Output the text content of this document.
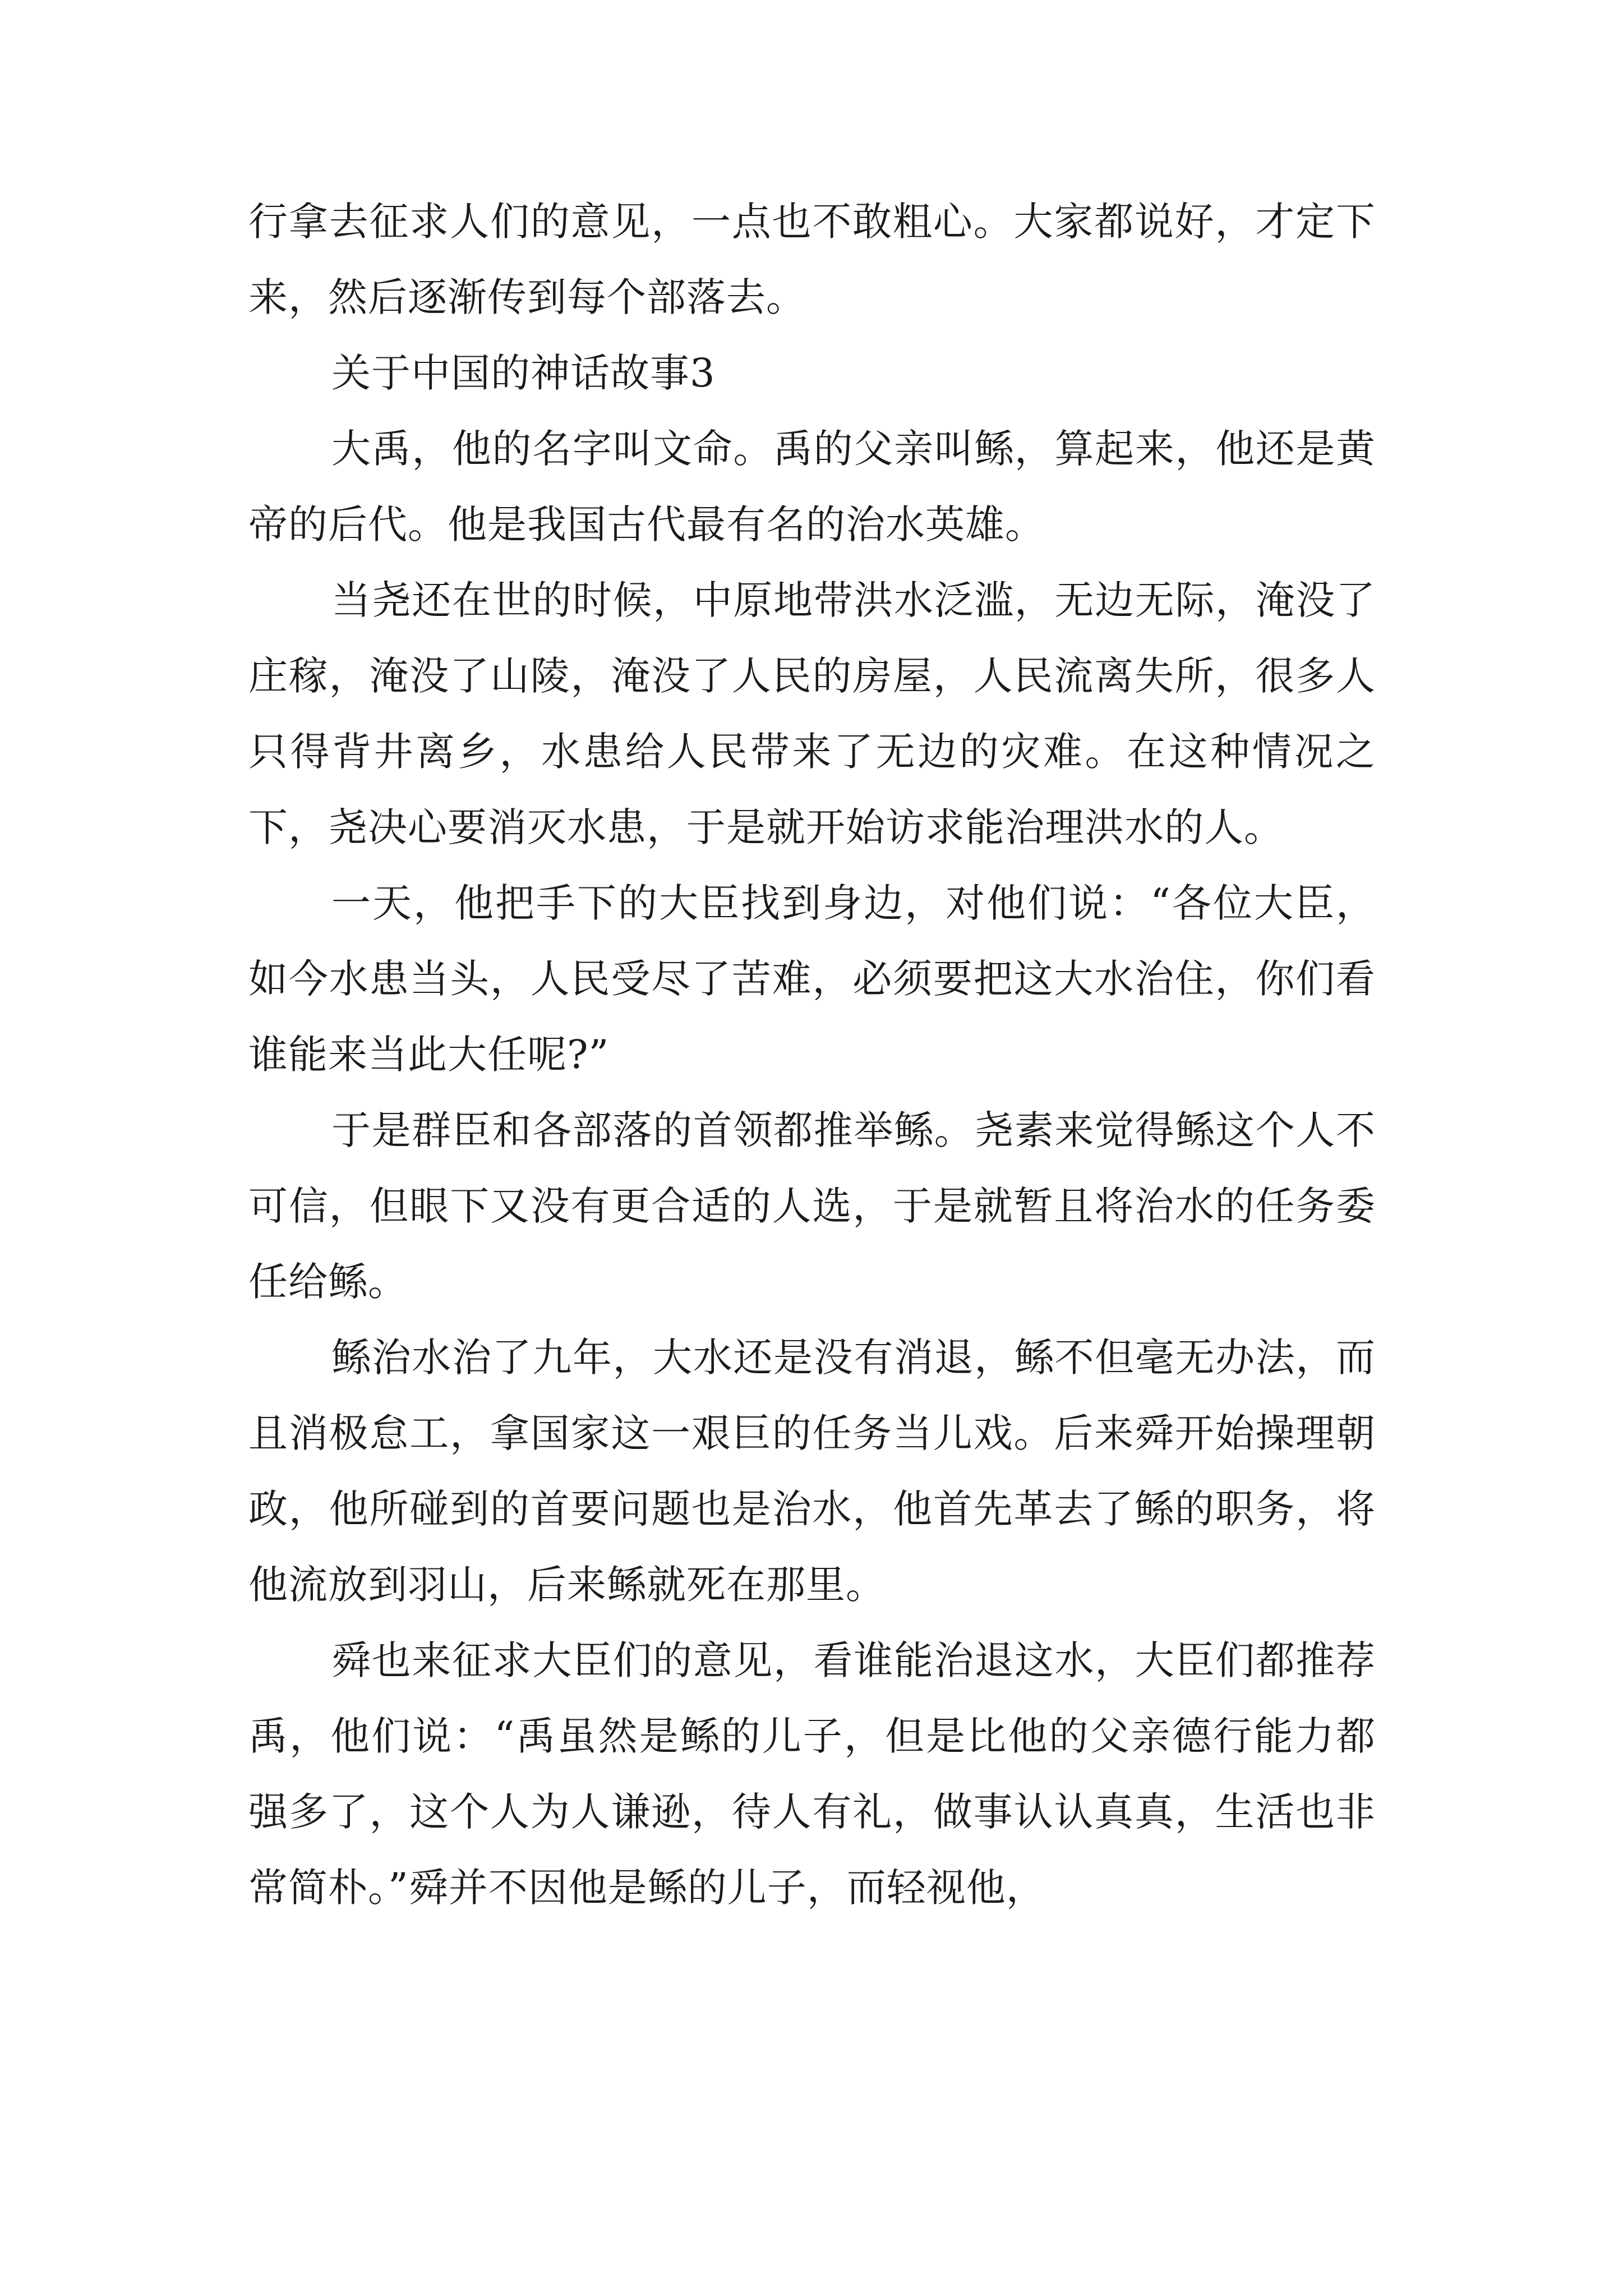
行拿去征求人们的意见，一点也不敢粗心。大家都说好，才定下来，然后逐渐传到每个部落去。

关于中国的神话故事3

大禹，他的名字叫文命。禹的父亲叫鲧，算起来，他还是黄帝的后代。他是我国古代最有名的治水英雄。

当尧还在世的时候，中原地带洪水泛滥，无边无际，淹没了庄稼，淹没了山陵，淹没了人民的房屋，人民流离失所，很多人只得背井离乡，水患给人民带来了无边的灾难。在这种情况之下，尧决心要消灭水患，于是就开始访求能治理洪水的人。

一天，他把手下的大臣找到身边，对他们说：“各位大臣，如今水患当头，人民受尽了苦难，必须要把这大水治住，你们看谁能来当此大任呢?”

于是群臣和各部落的首领都推举鲧。尧素来觉得鲧这个人不可信，但眼下又没有更合适的人选，于是就暂且将治水的任务委任给鲧。

鲧治水治了九年，大水还是没有消退，鲧不但毫无办法，而且消极怠工，拿国家这一艰巨的任务当儿戏。后来舜开始操理朝政，他所碰到的首要问题也是治水，他首先革去了鲧的职务，将他流放到羽山，后来鲧就死在那里。

舜也来征求大臣们的意见，看谁能治退这水，大臣们都推荐禹，他们说：“禹虽然是鲧的儿子，但是比他的父亲德行能力都强多了，这个人为人谦逊，待人有礼，做事认认真真，生活也非常简朴。”舜并不因他是鲧的儿子，而轻视他，
